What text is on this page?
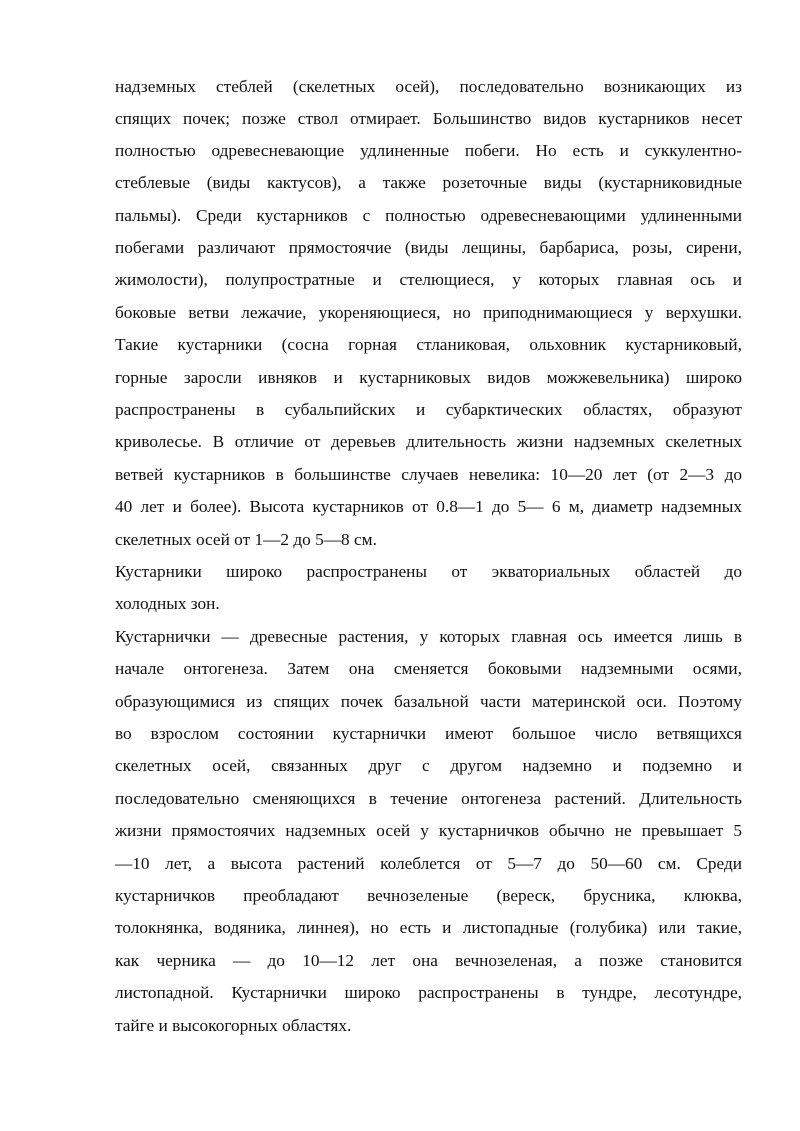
надземных стеблей (скелетных осей), последовательно возникающих из
спящих почек; позже ствол отмирает. Большинство видов кустарников несет
полностью одревесневающие удлиненные побеги. Но есть и суккулентно-
стеблевые (виды кактусов), а также розеточные виды (кустарниковидные
пальмы). Среди кустарников с полностью одревесневающими удлиненными
побегами различают прямостоячие (виды лещины, барбариса, розы, сирени,
жимолости), полупростратные и стелющиеся, у которых главная ось и
боковые ветви лежачие, укореняющиеся, но приподнимающиеся у верхушки.
Такие кустарники (сосна горная стланиковая, ольховник кустарниковый,
горные заросли ивняков и кустарниковых видов можжевельника) широко
распространены в субальпийских и субарктических областях, образуют
криволесье. В отличие от деревьев длительность жизни надземных скелетных
ветвей кустарников в большинстве случаев невелика: 10—20 лет (от 2—3 до
40 лет и более). Высота кустарников от 0.8—1 до 5— 6 м, диаметр надземных
скелетных осей от 1—2 до 5—8 см.
Кустарники широко распространены от экваториальных областей до
холодных зон.
Кустарнички — древесные растения, у которых главная ось имеется лишь в
начале онтогенеза. Затем она сменяется боковыми надземными осями,
образующимися из спящих почек базальной части материнской оси. Поэтому
во взрослом состоянии кустарнички имеют большое число ветвящихся
скелетных осей, связанных друг с другом надземно и подземно и
последовательно сменяющихся в течение онтогенеза растений. Длительность
жизни прямостоячих надземных осей у кустарничков обычно не превышает 5
—10 лет, а высота растений колеблется от 5—7 до 50—60 см. Среди
кустарничков преобладают вечнозеленые (вереск, брусника, клюква,
толокнянка, водяника, линнея), но есть и листопадные (голубика) или такие,
как черника — до 10—12 лет она вечнозеленая, а позже становится
листопадной. Кустарнички широко распространены в тундре, лесотундре,
тайге и высокогорных областях.
